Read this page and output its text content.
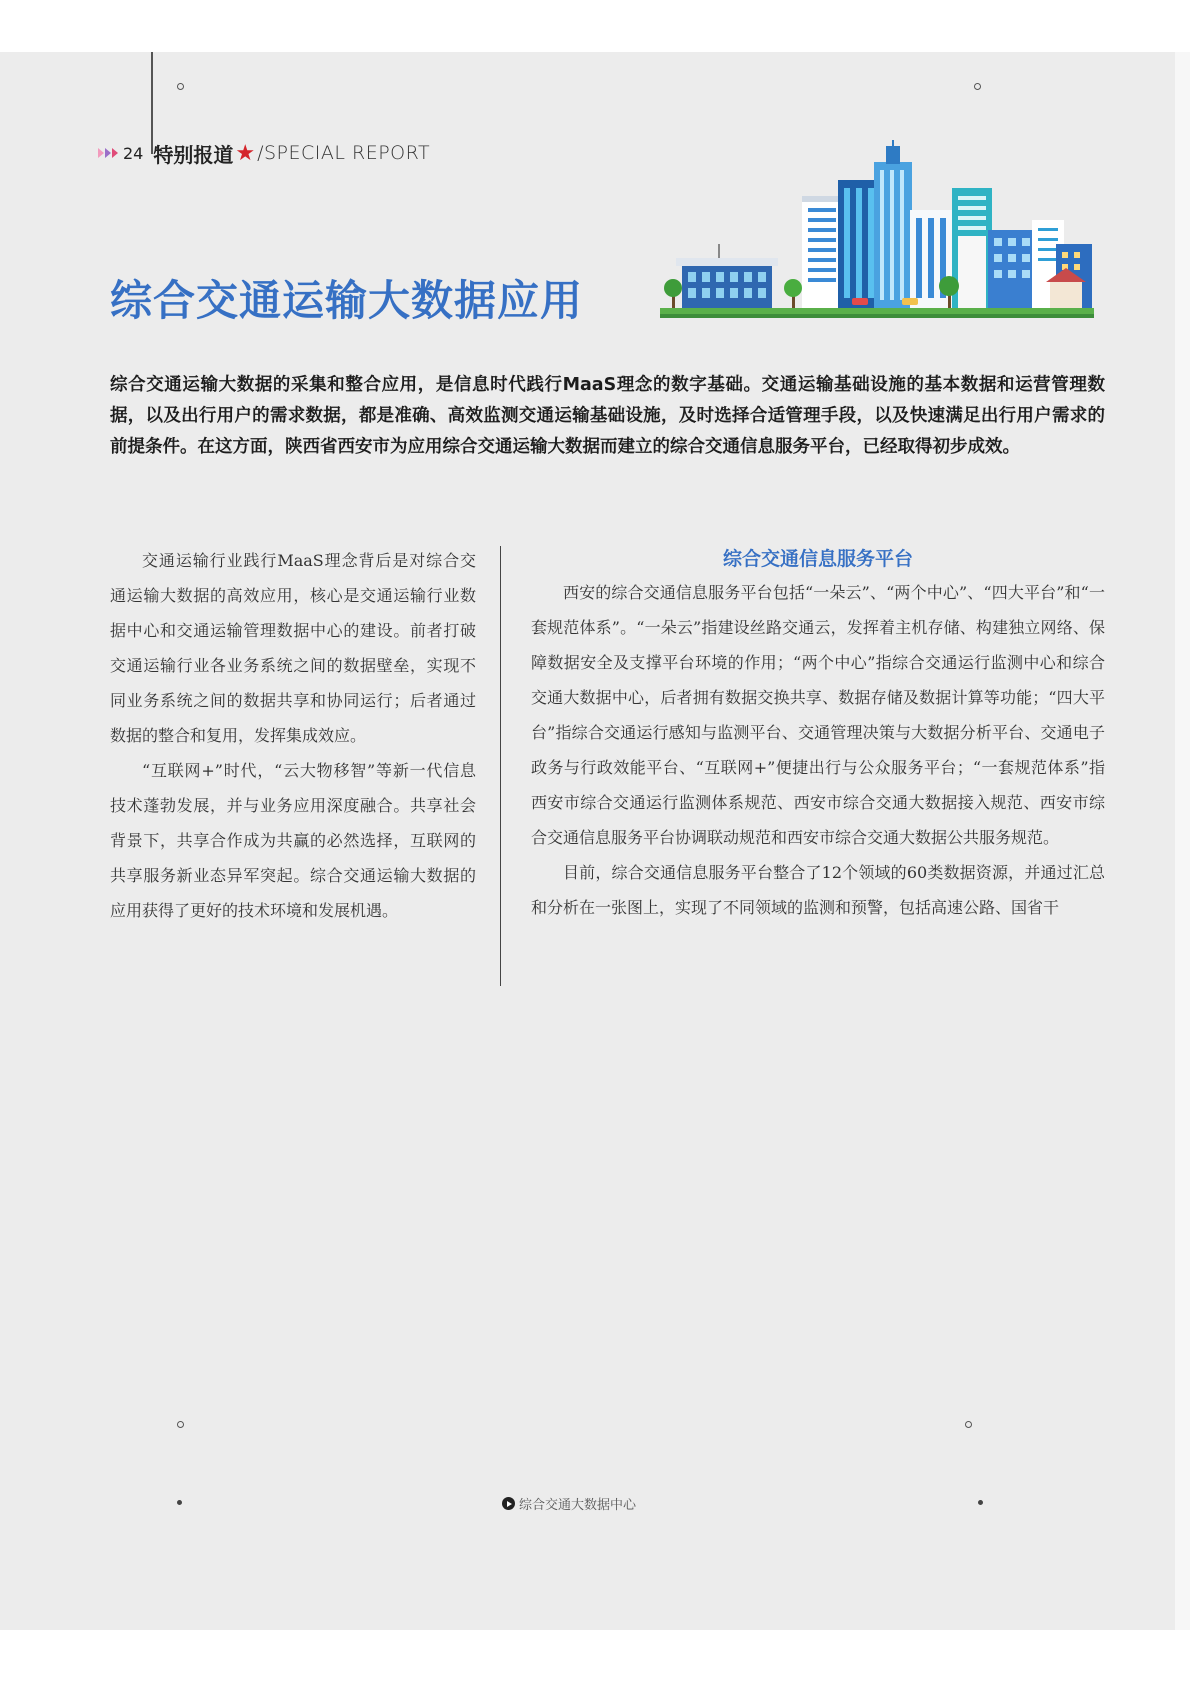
24 特别报道 ★ /SPECIAL REPORT
综合交通运输大数据应用
综合交通运输大数据的采集和整合应用，是信息时代践行MaaS理念的数字基础。交通运输基础设施的基本数据和运营管理数据，以及出行用户的需求数据，都是准确、高效监测交通运输基础设施，及时选择合适管理手段，以及快速满足出行用户需求的前提条件。在这方面，陕西省西安市为应用综合交通运输大数据而建立的综合交通信息服务平台，已经取得初步成效。

交通运输行业践行MaaS理念背后是对综合交通运输大数据的高效应用，核心是交通运输行业数据中心和交通运输管理数据中心的建设。前者打破交通运输行业各业务系统之间的数据壁垒，实现不同业务系统之间的数据共享和协同运行；后者通过数据的整合和复用，发挥集成效应。

“互联网+”时代，“云大物移智”等新一代信息技术蓬勃发展，并与业务应用深度融合。共享社会背景下，共享合作成为共赢的必然选择，互联网的共享服务新业态异军突起。综合交通运输大数据的应用获得了更好的技术环境和发展机遇。

综合交通信息服务平台

西安的综合交通信息服务平台包括“一朵云”、“两个中心”、“四大平台”和“一套规范体系”。“一朵云”指建设丝路交通云，发挥着主机存储、构建独立网络、保障数据安全及支撑平台环境的作用；“两个中心”指综合交通运行监测中心和综合交通大数据中心，后者拥有数据交换共享、数据存储及数据计算等功能；“四大平台”指综合交通运行感知与监测平台、交通管理决策与大数据分析平台、交通电子政务与行政效能平台、“互联网+”便捷出行与公众服务平台；“一套规范体系”指西安市综合交通运行监测体系规范、西安市综合交通大数据接入规范、西安市综合交通信息服务平台协调联动规范和西安市综合交通大数据公共服务规范。

目前，综合交通信息服务平台整合了12个领域的60类数据资源，并通过汇总和分析在一张图上，实现了不同领域的监测和预警，包括高速公路、国省干

综合交通大数据中心
